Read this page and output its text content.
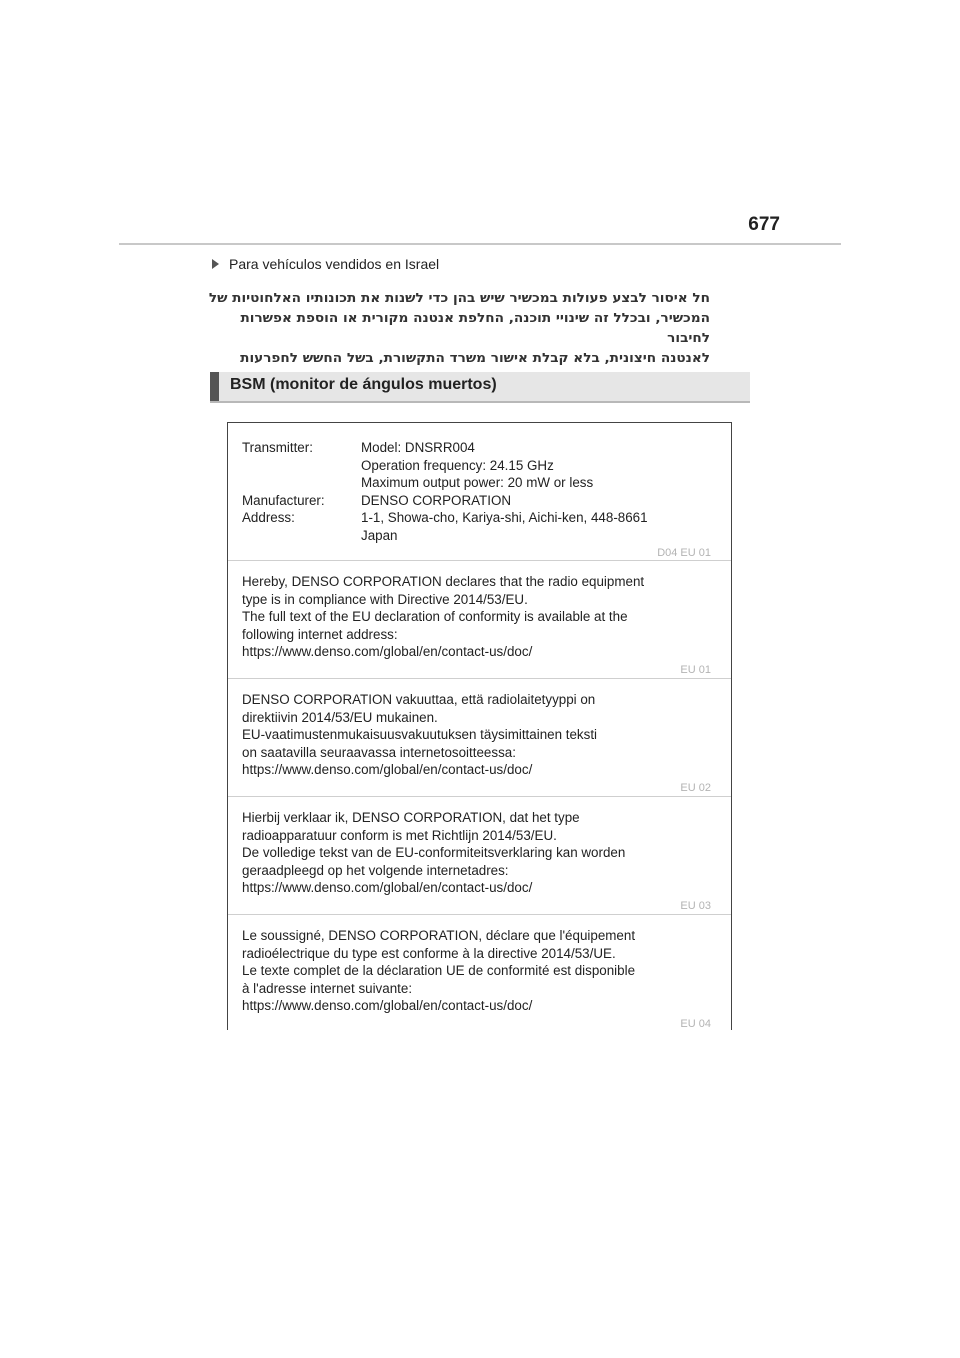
677
Para vehículos vendidos en Israel
חל איסור לבצע פעולות במכשיר שיש בהן כדי לשנות את תכונותיו האלחוטיות של
המכשיר, ובכלל זה שינויי תוכנה, החלפת אנטנה מקורית או הוספת אפשרות לחיבור
לאנטנה חיצונית, בלא קבלת אישור משרד התקשורת, בשל החשש לחפרעות
BSM (monitor de ángulos muertos)
Transmitter:	Model: DNSRR004
Operation frequency: 24.15 GHz
Maximum output power: 20 mW or less
Manufacturer:	DENSO CORPORATION
Address:	1-1, Showa-cho, Kariya-shi, Aichi-ken, 448-8661
Japan
D04 EU 01
Hereby, DENSO CORPORATION declares that the radio equipment
type is in compliance with Directive 2014/53/EU.
The full text of the EU declaration of conformity is available at the
following internet address:
https://www.denso.com/global/en/contact-us/doc/
EU 01
DENSO CORPORATION vakuuttaa, että radiolaitetyyppi on
direktiivin 2014/53/EU mukainen.
EU-vaatimustenmukaisuusvakuutuksen täysimittainen teksti
on saatavilla seuraavassa internetosoitteessa:
https://www.denso.com/global/en/contact-us/doc/
EU 02
Hierbij verklaar ik, DENSO CORPORATION, dat het type
radioapparatuur conform is met Richtlijn 2014/53/EU.
De volledige tekst van de EU-conformiteitsverklaring kan worden
geraadpleegd op het volgende internetadres:
https://www.denso.com/global/en/contact-us/doc/
EU 03
Le soussigné, DENSO CORPORATION, déclare que l'équipement
radioélectrique du type est conforme à la directive 2014/53/UE.
Le texte complet de la déclaration UE de conformité est disponible
à l'adresse internet suivante:
https://www.denso.com/global/en/contact-us/doc/
EU 04
